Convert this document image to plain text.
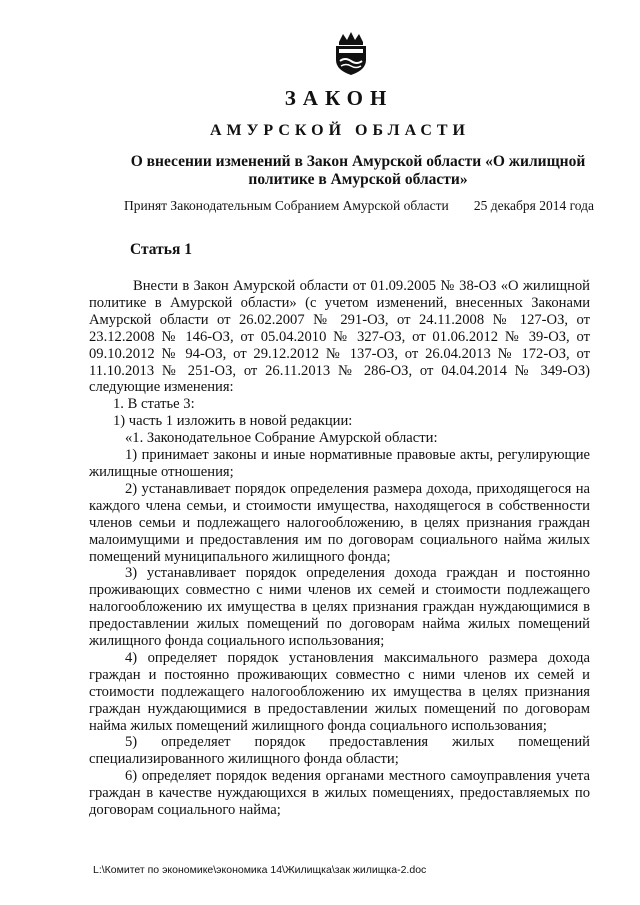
ЗАКОН
АМУРСКОЙ ОБЛАСТИ
О внесении изменений в Закон Амурской области «О жилищной политике в Амурской области»
Принят Законодательным Собранием Амурской области 25 декабря 2014 года
Статья 1

Внести в Закон Амурской области от 01.09.2005 № 38-ОЗ «О жилищной политике в Амурской области» (с учетом изменений, внесенных Законами Амурской области от 26.02.2007 № 291-ОЗ, от 24.11.2008 № 127-ОЗ, от 23.12.2008 № 146-ОЗ, от 05.04.2010 № 327-ОЗ, от 01.06.2012 № 39-ОЗ, от 09.10.2012 № 94-ОЗ, от 29.12.2012 № 137-ОЗ, от 26.04.2013 № 172-ОЗ, от 11.10.2013 № 251-ОЗ, от 26.11.2013 № 286-ОЗ, от 04.04.2014 № 349-ОЗ) следующие изменения:

1. В статье 3:

1) часть 1 изложить в новой редакции:

«1. Законодательное Собрание Амурской области:

1) принимает законы и иные нормативные правовые акты, регулирующие жилищные отношения;

2) устанавливает порядок определения размера дохода, приходящегося на каждого члена семьи, и стоимости имущества, находящегося в собственности членов семьи и подлежащего налогообложению, в целях признания граждан малоимущими и предоставления им по договорам социального найма жилых помещений муниципального жилищного фонда;

3) устанавливает порядок определения дохода граждан и постоянно проживающих совместно с ними членов их семей и стоимости подлежащего налогообложению их имущества в целях признания граждан нуждающимися в предоставлении жилых помещений по договорам найма жилых помещений жилищного фонда социального использования;

4) определяет порядок установления максимального размера дохода граждан и постоянно проживающих совместно с ними членов их семей и стоимости подлежащего налогообложению их имущества в целях признания граждан нуждающимися в предоставлении жилых помещений по договорам найма жилых помещений жилищного фонда социального использования;

5) определяет порядок предоставления жилых помещений специализированного жилищного фонда области;

6) определяет порядок ведения органами местного самоуправления учета граждан в качестве нуждающихся в жилых помещениях, предоставляемых по договорам социального найма;

L:\Комитет по экономике\экономика 14\Жилищка\зак жилищка-2.doc
